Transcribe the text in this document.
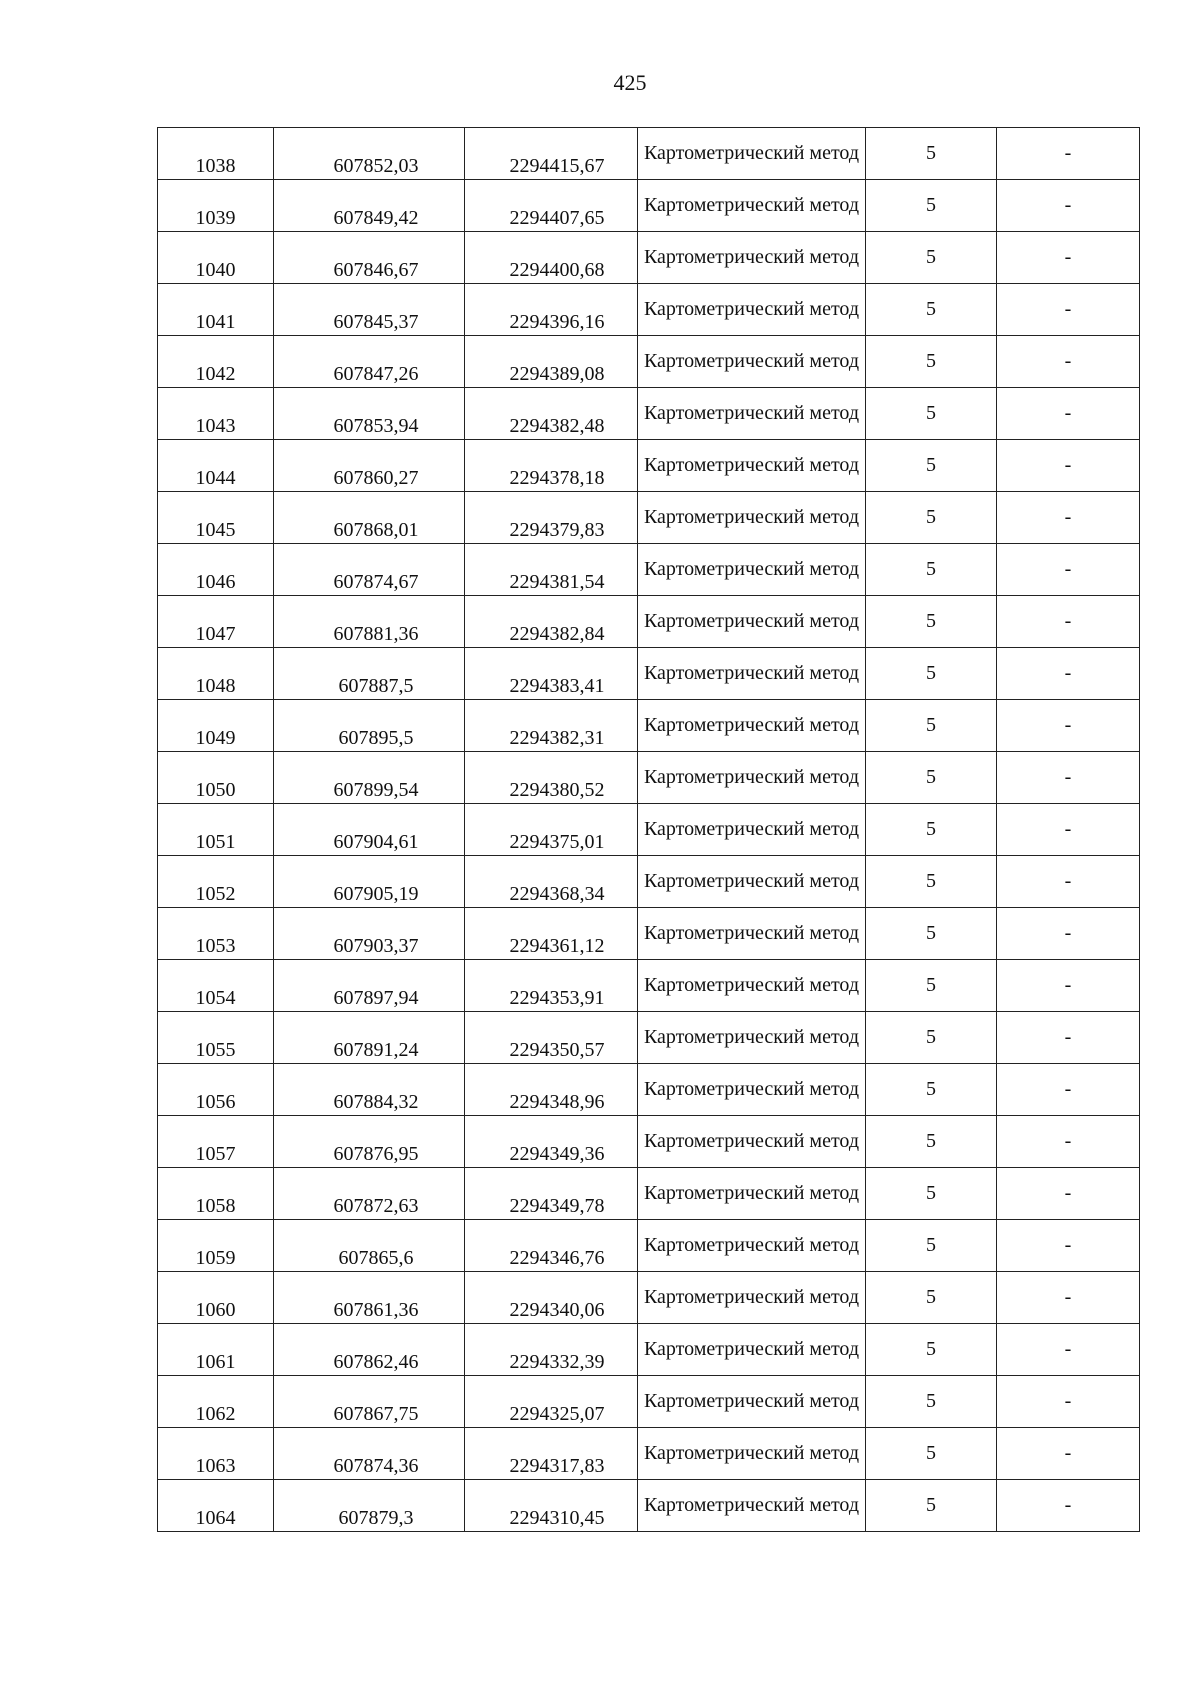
425
1038	607852,03	2294415,67	Картометрический метод	5	-
1039	607849,42	2294407,65	Картометрический метод	5	-
1040	607846,67	2294400,68	Картометрический метод	5	-
1041	607845,37	2294396,16	Картометрический метод	5	-
1042	607847,26	2294389,08	Картометрический метод	5	-
1043	607853,94	2294382,48	Картометрический метод	5	-
1044	607860,27	2294378,18	Картометрический метод	5	-
1045	607868,01	2294379,83	Картометрический метод	5	-
1046	607874,67	2294381,54	Картометрический метод	5	-
1047	607881,36	2294382,84	Картометрический метод	5	-
1048	607887,5	2294383,41	Картометрический метод	5	-
1049	607895,5	2294382,31	Картометрический метод	5	-
1050	607899,54	2294380,52	Картометрический метод	5	-
1051	607904,61	2294375,01	Картометрический метод	5	-
1052	607905,19	2294368,34	Картометрический метод	5	-
1053	607903,37	2294361,12	Картометрический метод	5	-
1054	607897,94	2294353,91	Картометрический метод	5	-
1055	607891,24	2294350,57	Картометрический метод	5	-
1056	607884,32	2294348,96	Картометрический метод	5	-
1057	607876,95	2294349,36	Картометрический метод	5	-
1058	607872,63	2294349,78	Картометрический метод	5	-
1059	607865,6	2294346,76	Картометрический метод	5	-
1060	607861,36	2294340,06	Картометрический метод	5	-
1061	607862,46	2294332,39	Картометрический метод	5	-
1062	607867,75	2294325,07	Картометрический метод	5	-
1063	607874,36	2294317,83	Картометрический метод	5	-
1064	607879,3	2294310,45	Картометрический метод	5	-
